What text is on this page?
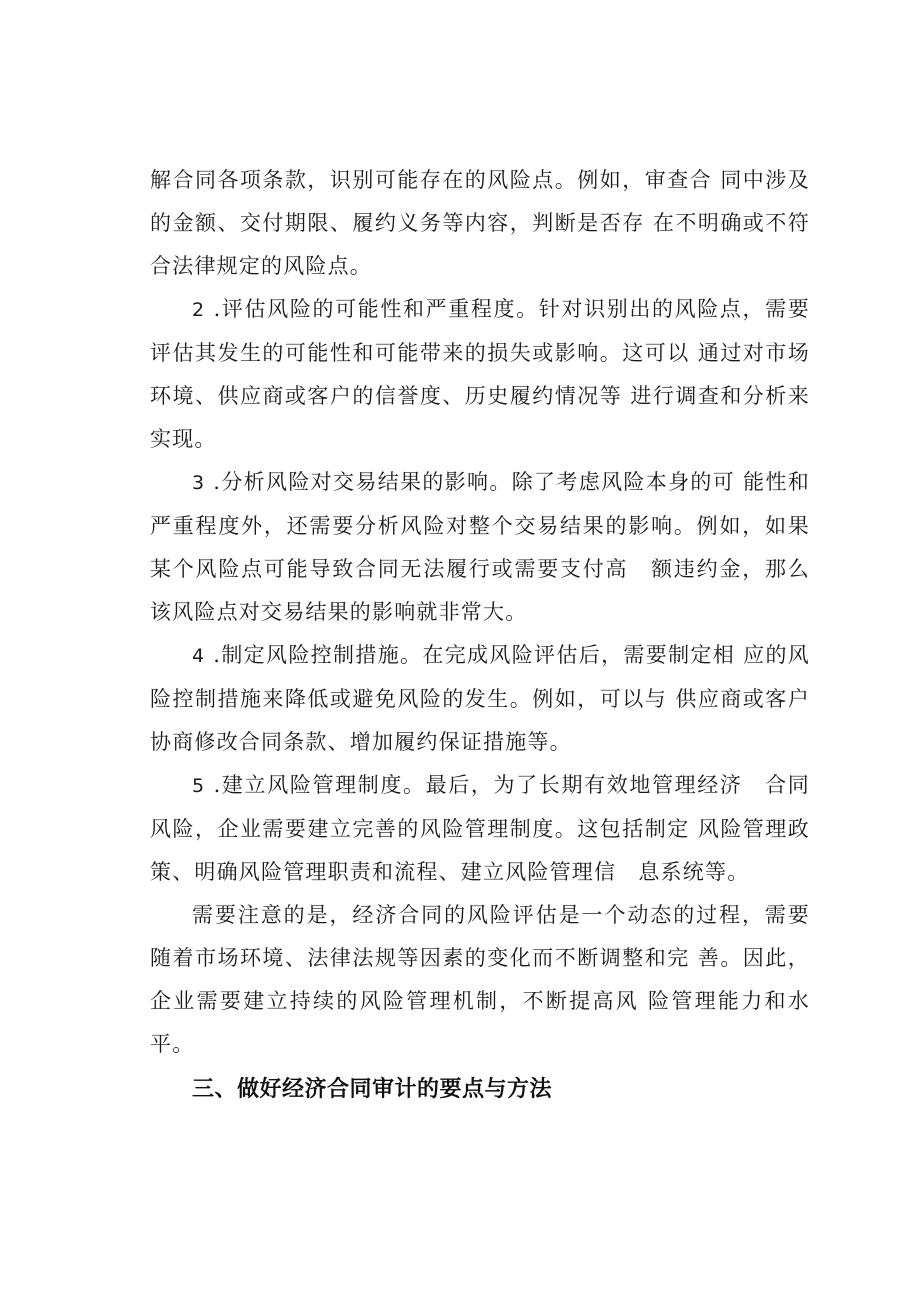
解合同各项条款，识别可能存在的风险点。例如，审查合 同中涉及的金额、交付期限、履约义务等内容，判断是否存 在不明确或不符合法律规定的风险点。

2 .评估风险的可能性和严重程度。针对识别出的风险点，需要评估其发生的可能性和可能带来的损失或影响。这可以 通过对市场环境、供应商或客户的信誉度、历史履约情况等 进行调查和分析来实现。

3 .分析风险对交易结果的影响。除了考虑风险本身的可 能性和严重程度外，还需要分析风险对整个交易结果的影响。例如，如果某个风险点可能导致合同无法履行或需要支付高　额违约金，那么该风险点对交易结果的影响就非常大。

4 .制定风险控制措施。在完成风险评估后，需要制定相 应的风险控制措施来降低或避免风险的发生。例如，可以与 供应商或客户协商修改合同条款、增加履约保证措施等。

5 .建立风险管理制度。最后，为了长期有效地管理经济　合同风险，企业需要建立完善的风险管理制度。这包括制定 风险管理政策、明确风险管理职责和流程、建立风险管理信　息系统等。

需要注意的是，经济合同的风险评估是一个动态的过程，需要随着市场环境、法律法规等因素的变化而不断调整和完 善。因此，企业需要建立持续的风险管理机制，不断提高风 险管理能力和水平。

三、做好经济合同审计的要点与方法
